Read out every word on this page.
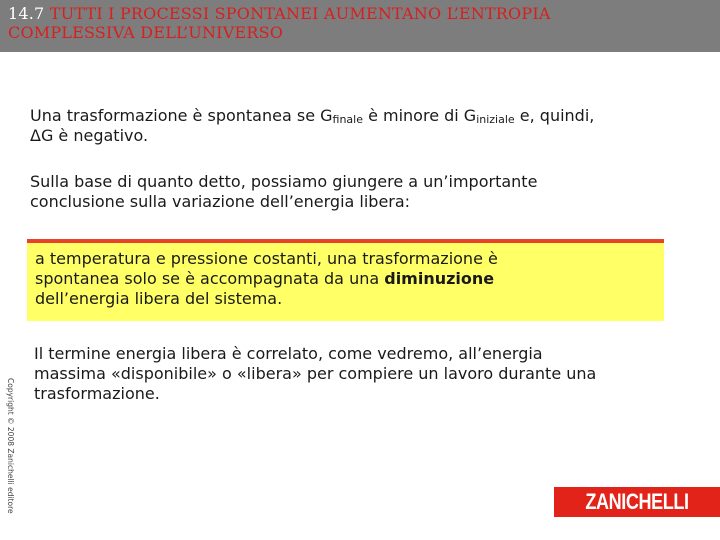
14.7 TUTTI I PROCESSI SPONTANEI AUMENTANO L’ENTROPIA
COMPLESSIVA DELL’UNIVERSO
Una trasformazione è spontanea se $G_{finale}$ è minore di $G_{iniziale}$ e, quindi,
ΔG è negativo.
Sulla base di quanto detto, possiamo giungere a un’importante
conclusione sulla variazione dell’energia libera:
a temperatura e pressione costanti, una trasformazione è
spontanea solo se è accompagnata da una diminuzione
dell’energia libera del sistema.
Il termine energia libera è correlato, come vedremo, all’energia
massima «disponibile» o «libera» per compiere un lavoro durante una
trasformazione.
Copyright © 2008 Zanichelli editore	ZANICHELLI
